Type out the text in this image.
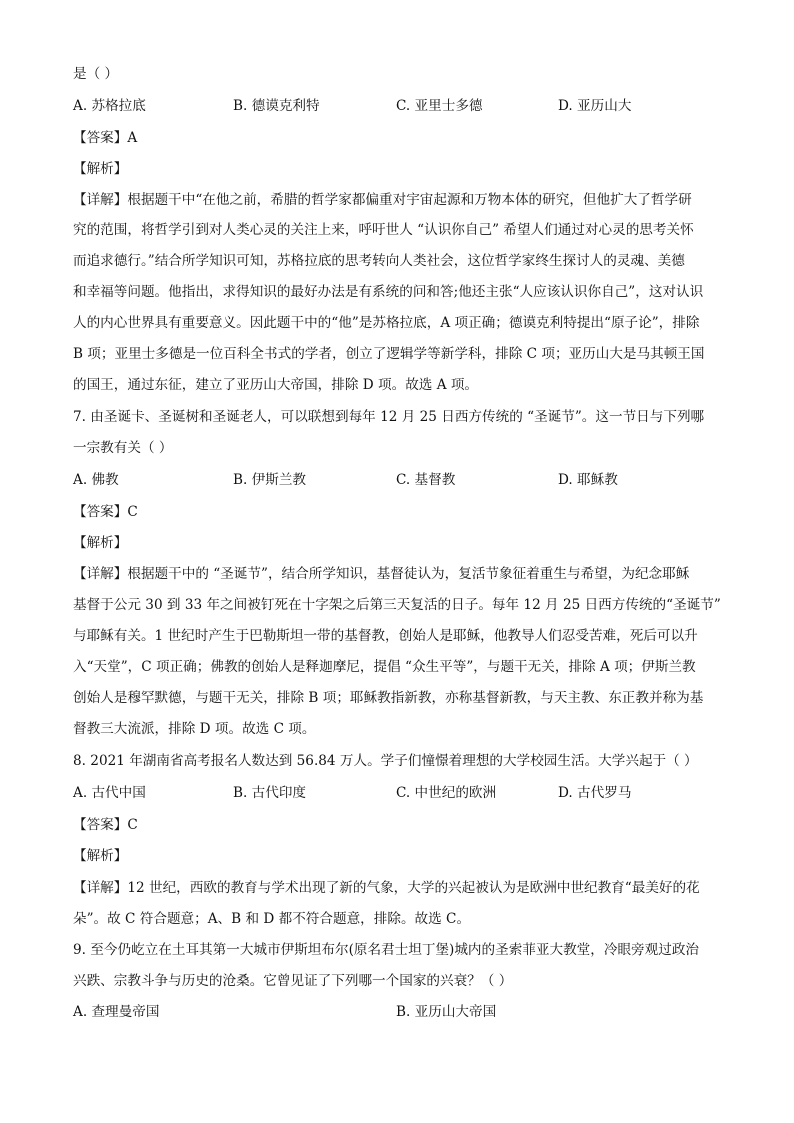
是（ ）
A. 苏格拉底	B. 德谟克利特	C. 亚里士多德	D. 亚历山大
【答案】A
【解析】
【详解】根据题干中“在他之前，希腊的哲学家都偏重对宇宙起源和万物本体的研究，但他扩大了哲学研
究的范围，将哲学引到对人类心灵的关注上来，呼吁世人 “认识你自己” 希望人们通过对心灵的思考关怀
而追求德行。”结合所学知识可知，苏格拉底的思考转向人类社会，这位哲学家终生探讨人的灵魂、美德
和幸福等问题。他指出，求得知识的最好办法是有系统的问和答;他还主张“人应该认识你自己”，这对认识
人的内心世界具有重要意义。因此题干中的“他”是苏格拉底，A 项正确；德谟克利特提出“原子论”，排除
B 项；亚里士多德是一位百科全书式的学者，创立了逻辑学等新学科，排除 C 项；亚历山大是马其顿王国
的国王，通过东征，建立了亚历山大帝国，排除 D 项。故选 A 项。
7. 由圣诞卡、圣诞树和圣诞老人，可以联想到每年 12 月 25 日西方传统的 “圣诞节”。这一节日与下列哪
一宗教有关（ ）
A. 佛教	B. 伊斯兰教	C. 基督教	D. 耶稣教
【答案】C
【解析】
【详解】根据题干中的 “圣诞节”，结合所学知识，基督徒认为，复活节象征着重生与希望，为纪念耶稣
基督于公元 30 到 33 年之间被钉死在十字架之后第三天复活的日子。每年 12 月 25 日西方传统的“圣诞节”
与耶稣有关。1 世纪时产生于巴勒斯坦一带的基督教，创始人是耶稣，他教导人们忍受苦难，死后可以升
入“天堂”，C 项正确；佛教的创始人是释迦摩尼，提倡 “众生平等”，与题干无关，排除 A 项；伊斯兰教
创始人是穆罕默德，与题干无关，排除 B 项；耶稣教指新教，亦称基督新教，与天主教、东正教并称为基
督教三大流派，排除 D 项。故选 C 项。
8. 2021 年湖南省高考报名人数达到 56.84 万人。学子们憧憬着理想的大学校园生活。大学兴起于（ ）
A. 古代中国	B. 古代印度	C. 中世纪的欧洲	D. 古代罗马
【答案】C
【解析】
【详解】12 世纪，西欧的教育与学术出现了新的气象，大学的兴起被认为是欧洲中世纪教育“最美好的花
朵”。故 C 符合题意；A、B 和 D 都不符合题意，排除。故选 C。
9. 至今仍屹立在土耳其第一大城市伊斯坦布尔(原名君士坦丁堡)城内的圣索菲亚大教堂，冷眼旁观过政治
兴跌、宗教斗争与历史的沧桑。它曾见证了下列哪一个国家的兴衰？（ ）
A. 查理曼帝国	B. 亚历山大帝国
